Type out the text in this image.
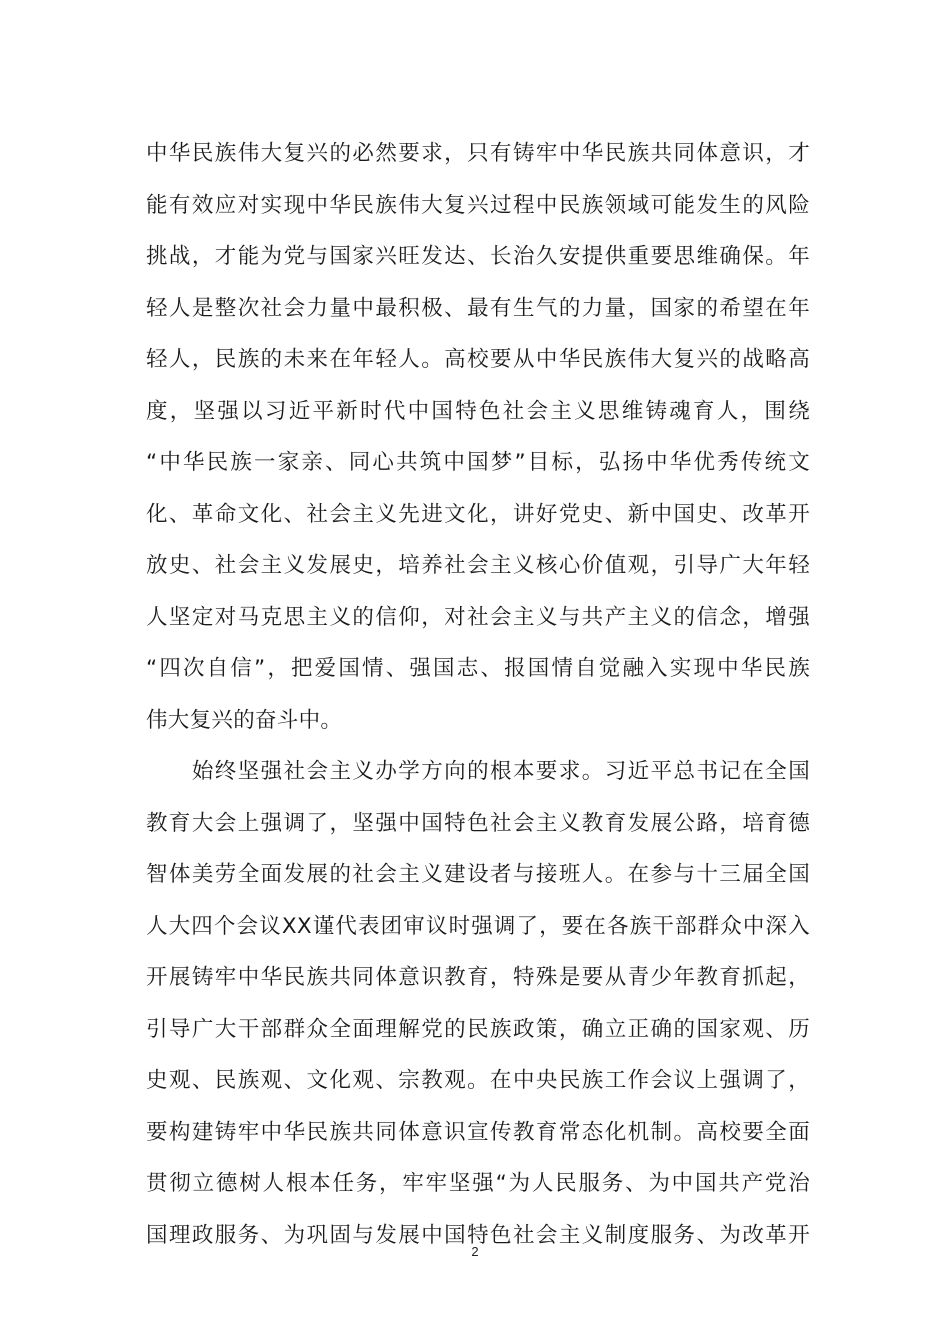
中华民族伟大复兴的必然要求，只有铸牢中华民族共同体意识，才
能有效应对实现中华民族伟大复兴过程中民族领域可能发生的风险
挑战，才能为党与国家兴旺发达、长治久安提供重要思维确保。年
轻人是整次社会力量中最积极、最有生气的力量，国家的希望在年
轻人，民族的未来在年轻人。高校要从中华民族伟大复兴的战略高
度，坚强以习近平新时代中国特色社会主义思维铸魂育人，围绕
“中华民族一家亲、同心共筑中国梦”目标，弘扬中华优秀传统文
化、革命文化、社会主义先进文化，讲好党史、新中国史、改革开
放史、社会主义发展史，培养社会主义核心价值观，引导广大年轻
人坚定对马克思主义的信仰，对社会主义与共产主义的信念，增强
“四次自信”，把爱国情、强国志、报国情自觉融入实现中华民族
伟大复兴的奋斗中。
　　始终坚强社会主义办学方向的根本要求。习近平总书记在全国
教育大会上强调了，坚强中国特色社会主义教育发展公路，培育德
智体美劳全面发展的社会主义建设者与接班人。在参与十三届全国
人大四个会议XX谨代表团审议时强调了，要在各族干部群众中深入
开展铸牢中华民族共同体意识教育，特殊是要从青少年教育抓起，
引导广大干部群众全面理解党的民族政策，确立正确的国家观、历
史观、民族观、文化观、宗教观。在中央民族工作会议上强调了，
要构建铸牢中华民族共同体意识宣传教育常态化机制。高校要全面
贯彻立德树人根本任务，牢牢坚强“为人民服务、为中国共产党治
国理政服务、为巩固与发展中国特色社会主义制度服务、为改革开
2
